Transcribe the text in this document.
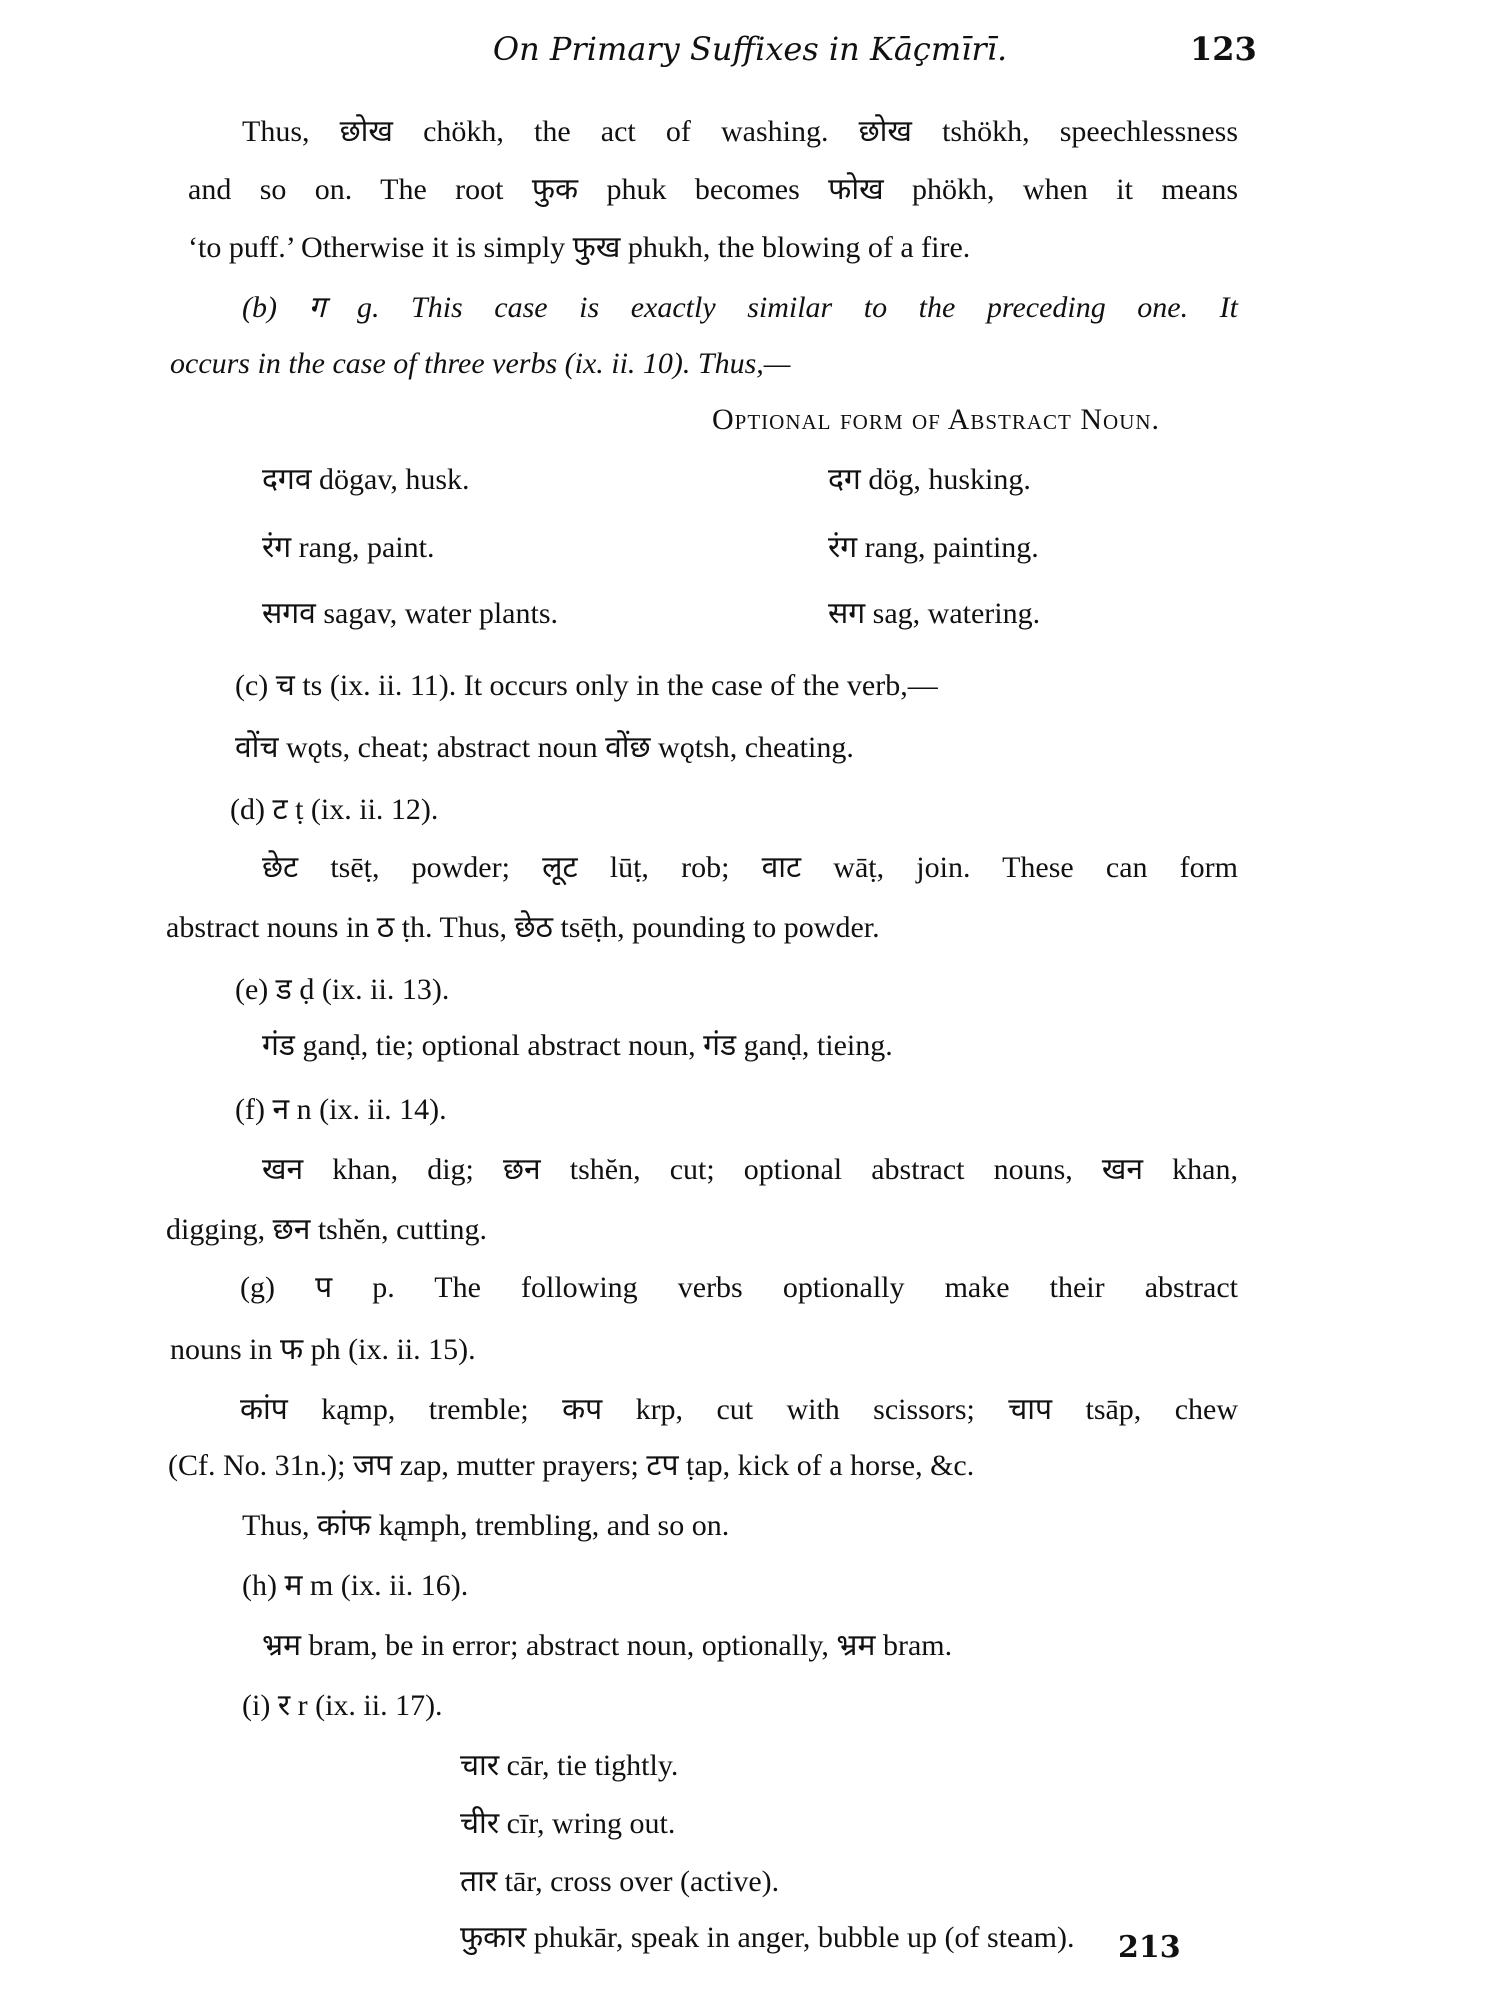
On Primary Suffixes in Kāçmīrī.	123
Thus, छोख chökh, the act of washing. छोख tshökh, speechlessness
and so on. The root फुक phuk becomes फोख phökh, when it means
‘to puff.’ Otherwise it is simply फुख phukh, the blowing of a fire.
(b) ग g. This case is exactly similar to the preceding one. It
occurs in the case of three verbs (ix. ii. 10). Thus,—
Optional form of Abstract Noun.
दगव dögav, husk.	दग dög, husking.
रंग rang, paint.	रंग rang, painting.
सगव sagav, water plants.	सग sag, watering.
(c) च ts (ix. ii. 11). It occurs only in the case of the verb,—
वोंच wǫts, cheat; abstract noun वोंछ wǫtsh, cheating.
(d) ट ṭ (ix. ii. 12).
छेट tsēṭ, powder; लूट lūṭ, rob; वाट wāṭ, join. These can form
abstract nouns in ठ ṭh. Thus, छेठ tsēṭh, pounding to powder.
(e) ड ḍ (ix. ii. 13).
गंड ganḍ, tie; optional abstract noun, गंड ganḍ, tieing.
(f) न n (ix. ii. 14).
खन khan, dig; छन tshĕn, cut; optional abstract nouns, खन khan,
digging, छन tshĕn, cutting.
(g) प p. The following verbs optionally make their abstract
nouns in फ ph (ix. ii. 15).
कांप kąmp, tremble; कप krp, cut with scissors; चाप tsāp, chew
(Cf. No. 31n.); जप zap, mutter prayers; टप ṭap, kick of a horse, &c.
Thus, कांफ kąmph, trembling, and so on.
(h) म m (ix. ii. 16).
भ्रम bram, be in error; abstract noun, optionally, भ्रम bram.
(i) र r (ix. ii. 17).
चार cār, tie tightly.
चीर cīr, wring out.
तार tār, cross over (active).
फुकार phukār, speak in anger, bubble up (of steam). 213
